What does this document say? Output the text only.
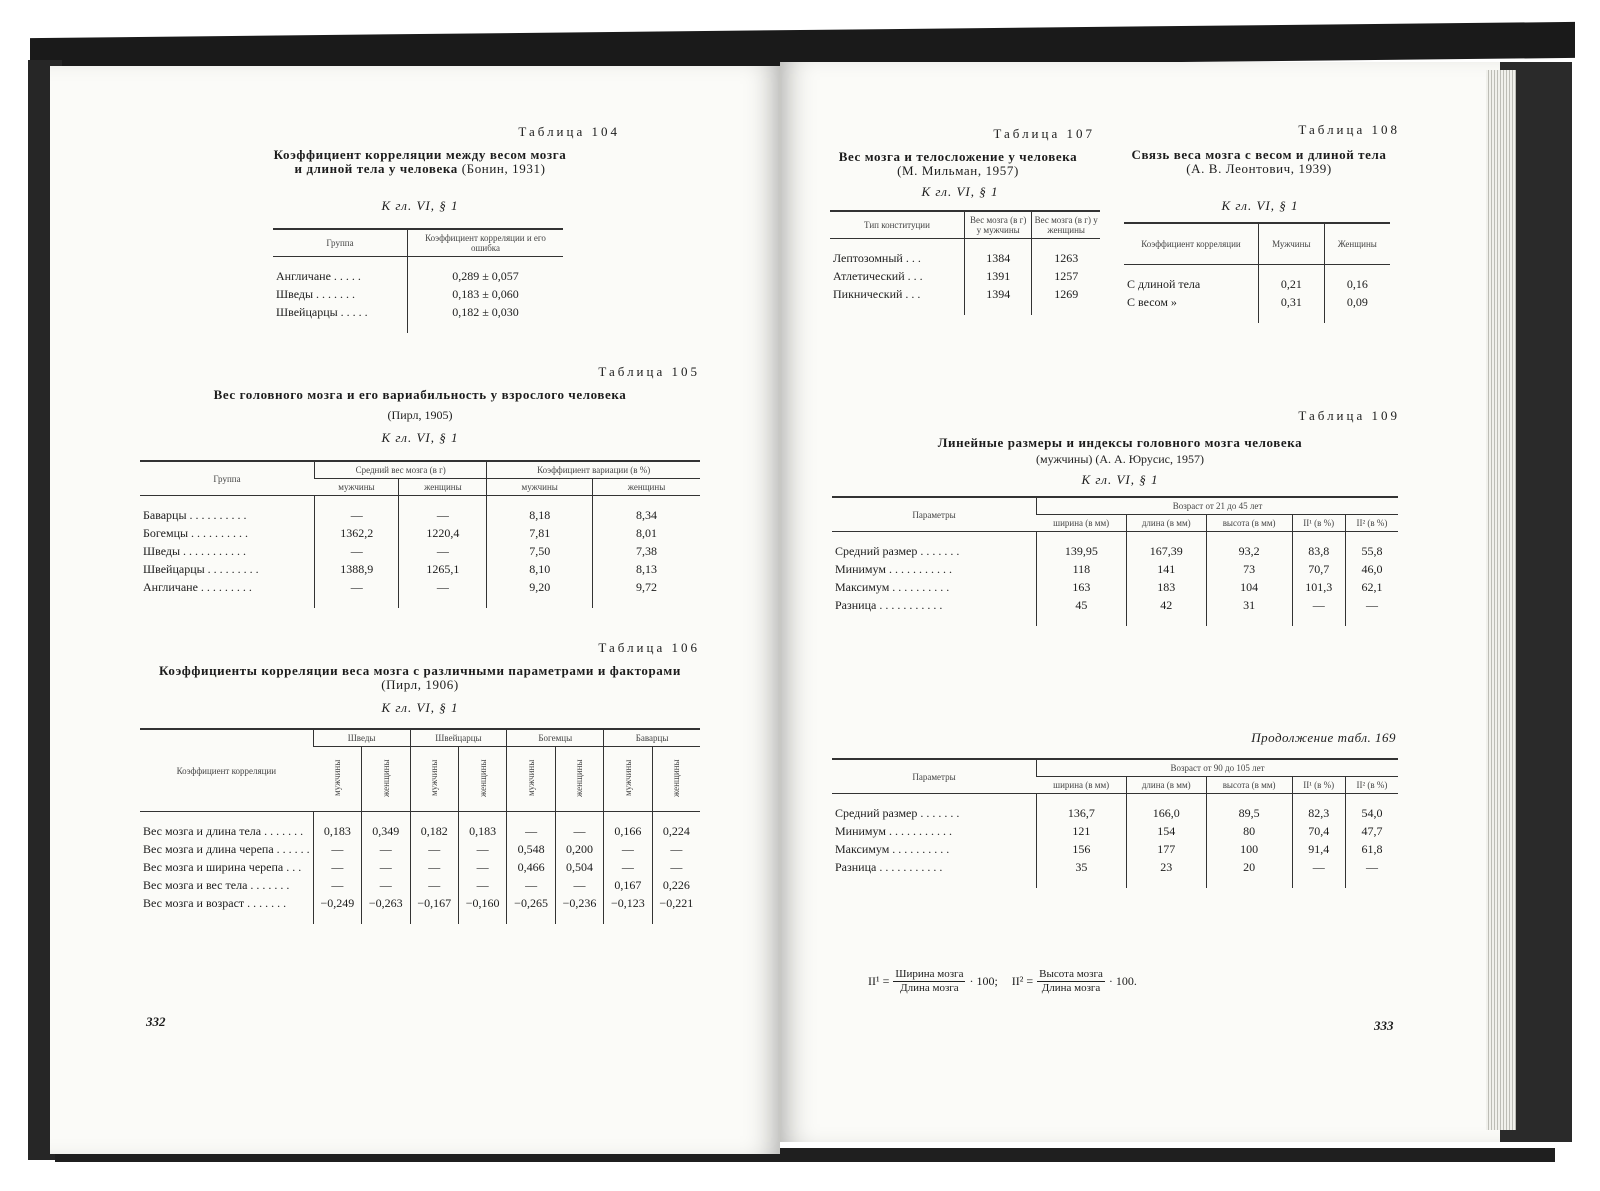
Таблица 104
Коэффициент корреляции между весом мозга и длиной тела у человека (Бонин, 1931)
К гл. VI, § 1
Группа	Коэффициент корреляции и его ошибка
Англичане . . . . .	0,289 ± 0,057
Шведы . . . . . . .	0,183 ± 0,060
Швейцарцы . . . . .	0,182 ± 0,030
Таблица 105
Вес головного мозга и его вариабильность у взрослого человека
(Пирл, 1905)
К гл. VI, § 1
Группа	Средний вес мозга (в г)		Коэффициент вариации (в %)	
	мужчины	женщины	мужчины	женщины
Баварцы . . . . . . . . . .	—	—	8,18	8,34
Богемцы . . . . . . . . . .	1362,2	1220,4	7,81	8,01
Шведы . . . . . . . . . . .	—	—	7,50	7,38
Швейцарцы . . . . . . . . .	1388,9	1265,1	8,10	8,13
Англичане . . . . . . . . .	—	—	9,20	9,72
Таблица 106
Коэффициенты корреляции веса мозга с различными параметрами и факторами (Пирл, 1906)
К гл. VI, § 1
Коэффициент корреляции	Шведы		Швейцарцы		Богемцы		Баварцы	
	мужчины	женщины	мужчины	женщины	мужчины	женщины	мужчины	женщины
Вес мозга и длина тела . . . . . . .	0,183	0,349	0,182	0,183	—	—	0,166	0,224
Вес мозга и длина черепа . . . . . .	—	—	—	—	0,548	0,200	—	—
Вес мозга и ширина черепа . . .	—	—	—	—	0,466	0,504	—	—
Вес мозга и вес тела . . . . . . .	—	—	—	—	—	—	0,167	0,226
Вес мозга и возраст . . . . . . .	−0,249	−0,263	−0,167	−0,160	−0,265	−0,236	−0,123	−0,221
332
Таблица 107
Вес мозга и телосложение у человека (М. Мильман, 1957)
К гл. VI, § 1
Тип конституции	Вес мозга (в г) у мужчины	Вес мозга (в г) у женщины
Лептозомный . . .	1384	1263
Атлетический . . .	1391	1257
Пикнический . . .	1394	1269
Таблица 108
Связь веса мозга с весом и длиной тела (А. В. Леонтович, 1939)
К гл. VI, § 1
Коэффициент корреляции	Мужчины	Женщины
С длиной тела	0,21	0,16
С весом »	0,31	0,09
Таблица 109
Линейные размеры и индексы головного мозга человека
(мужчины) (А. А. Юрусис, 1957)
К гл. VI, § 1
Параметры	Возраст от 21 до 45 лет				
	ширина (в мм)	длина (в мм)	высота (в мм)	II¹ (в %)	II² (в %)
Средний размер . . . . . . .	139,95	167,39	93,2	83,8	55,8
Минимум . . . . . . . . . . .	118	141	73	70,7	46,0
Максимум . . . . . . . . . .	163	183	104	101,3	62,1
Разница . . . . . . . . . . .	45	42	31	—	—
Продолжение табл. 169
Параметры	Возраст от 90 до 105 лет				
	ширина (в мм)	длина (в мм)	высота (в мм)	II¹ (в %)	II² (в %)
Средний размер . . . . . . .	136,7	166,0	89,5	82,3	54,0
Минимум . . . . . . . . . . .	121	154	80	70,4	47,7
Максимум . . . . . . . . . .	156	177	100	91,4	61,8
Разница . . . . . . . . . . .	35	23	20	—	—
$II^1 = \frac{\text{Ширина мозга}}{\text{Длина мозга}} \cdot 100$; $II^2 = \frac{\text{Высота мозга}}{\text{Длина мозга}} \cdot 100$.
333
